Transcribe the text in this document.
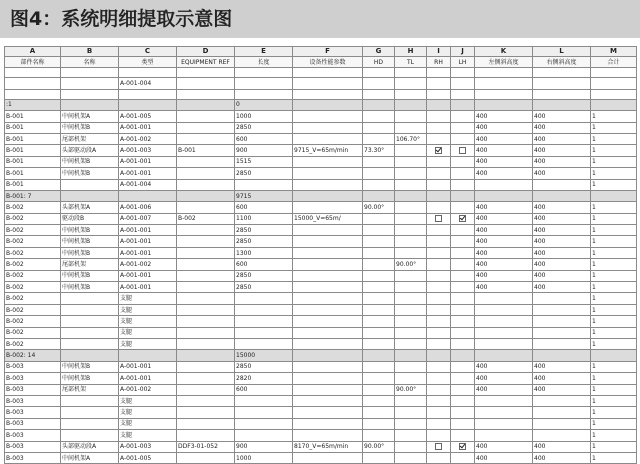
图4：系统明细提取示意图
A	B	C	D	E	F	G	H	I	J	K	L	M
部件名称	名称	类型	EQUIPMENT REF	长度	设备性能参数	HD	TL	RH	LH	左侧斜高度	右侧斜高度	合计

		A-001-004										

:1				0								
B-001	中间机架A	A-001-005		1000						400	400	1
B-001	中间机架B	A-001-001		2850						400	400	1
B-001	尾部机架	A-001-002		600			106.70°			400	400	1
B-001	头部驱动段A	A-001-003	B-001	900	9715_V=65m/min	73.30°				400	400	1
B-001	中间机架B	A-001-001		1515						400	400	1
B-001	中间机架B	A-001-001		2850						400	400	1
B-001		A-001-004										1
B-001: 7				9715								
B-002	头部机架A	A-001-006		600		90.00°				400	400	1
B-002	驱动段B	A-001-007	B-002	1100	15000_V=65m/					400	400	1
B-002	中间机架B	A-001-001		2850						400	400	1
B-002	中间机架B	A-001-001		2850						400	400	1
B-002	中间机架B	A-001-001		1300						400	400	1
B-002	尾部机架	A-001-002		600			90.00°			400	400	1
B-002	中间机架B	A-001-001		2850						400	400	1
B-002	中间机架B	A-001-001		2850						400	400	1
B-002		支腿										1
B-002		支腿										1
B-002		支腿										1
B-002		支腿										1
B-002		支腿										1
B-002: 14				15000								
B-003	中间机架B	A-001-001		2850						400	400	1
B-003	中间机架B	A-001-001		2820						400	400	1
B-003	尾部机架	A-001-002		600			90.00°			400	400	1
B-003		支腿										1
B-003		支腿										1
B-003		支腿										1
B-003		支腿										1
B-003	头部驱动段A	A-001-003	DDF3-01-052	900	8170_V=65m/min	90.00°				400	400	1
B-003	中间机架A	A-001-005		1000						400	400	1
